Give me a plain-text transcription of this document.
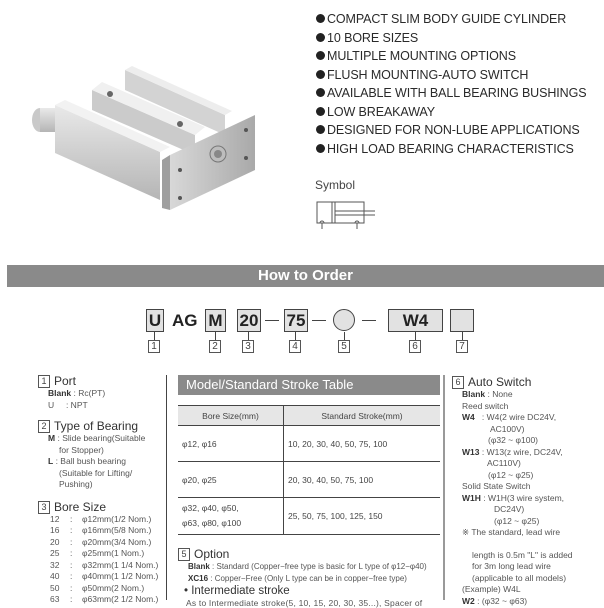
COMPACT SLIM BODY GUIDE CYLINDER
10 BORE SIZES
MULTIPLE MOUNTING OPTIONS
FLUSH MOUNTING-AUTO SWITCH
AVAILABLE WITH BALL BEARING BUSHINGS
LOW BREAKAWAY
DESIGNED FOR NON-LUBE APPLICATIONS
HIGH LOAD BEARING CHARACTERISTICS
Symbol
How to Order
U AG M 20 75	W4
1	2	3	4	5	6	7
1 Port
Blank : Rc(PT)
U : NPT
2 Type of Bearing
M : Slide bearing(Suitable
for Stopper)
L : Ball bush bearing
(Suitable for Lifting/
Pushing)
3 Bore Size
12	:	φ12mm(1/2 Nom.)
16	:	φ16mm(5/8 Nom.)
20	:	φ20mm(3/4 Nom.)
25	:	φ25mm(1 Nom.)
32	:	φ32mm(1 1/4 Nom.)
40	:	φ40mm(1 1/2 Nom.)
50	:	φ50mm(2 Nom.)
63	:	φ63mm(2 1/2 Nom.)
Model/Standard Stroke Table
Bore Size(mm)	Standard Stroke(mm)
φ12, φ16	10, 20, 30, 40, 50, 75, 100
φ20, φ25	20, 30, 40, 50, 75, 100
φ32, φ40, φ50,
φ63, φ80, φ100	25, 50, 75, 100, 125, 150
5 Option
Blank : Standard (Copper−free type is basic for L type of φ12−φ40)
XC16 : Copper−Free (Only L type can be in copper−free type)
• Intermediate stroke
As to Intermediate stroke(5, 10, 15, 20, 30, 35...), Spacer of
6 Auto Switch
Blank : None
Reed switch
W4 : W4(2 wire DC24V,
AC100V)
(φ32 ~ φ100)
W13 : W13(z wire, DC24V,
AC110V)
(φ12 ~ φ25)
Solid State Switch
W1H : W1H(3 wire system,
DC24V)
(φ12 ~ φ25)
※ The standard, lead wire
length is 0.5m "L" is added
for 3m long lead wire
(applicable to all models)
(Example) W4L
W2 : (φ32 ~ φ63)
